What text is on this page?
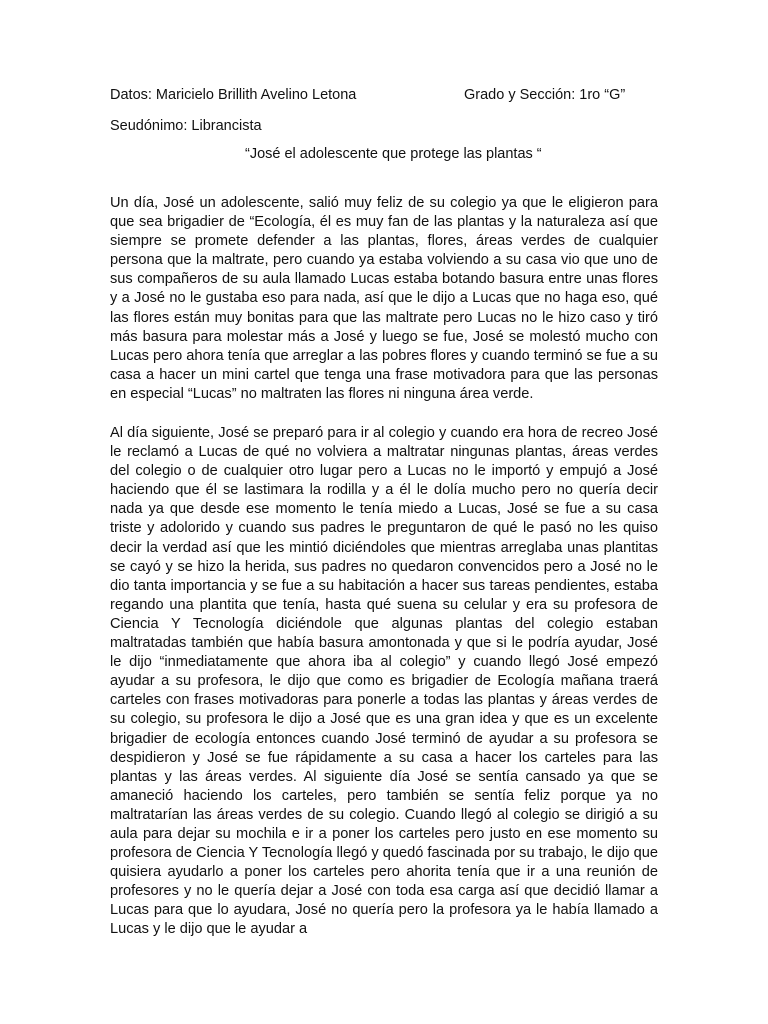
Datos: Maricielo Brillith Avelino Letona	Grado y Sección: 1ro “G”
Seudónimo: Librancista
“José el adolescente que protege las plantas “

Un día, José un adolescente, salió muy feliz de su colegio ya que le eligieron para que sea brigadier de “Ecología, él es muy fan de las plantas y la naturaleza así que siempre se promete defender a las plantas, flores, áreas verdes de cualquier persona que la maltrate, pero cuando ya estaba volviendo a su casa vio que uno de sus compañeros de su aula llamado Lucas estaba botando basura entre unas flores y a José no le gustaba eso para nada, así que le dijo a Lucas que no haga eso, qué las flores están muy bonitas para que las maltrate pero Lucas no le hizo caso y tiró más basura para molestar más a José y luego se fue, José se molestó mucho con Lucas pero ahora tenía que arreglar a las pobres flores y cuando terminó se fue a su casa a hacer un mini cartel que tenga una frase motivadora para que las personas en especial “Lucas” no maltraten las flores ni ninguna área verde.

Al día siguiente, José se preparó para ir al colegio y cuando era hora de recreo José le reclamó a Lucas de qué no volviera a maltratar ningunas plantas, áreas verdes del colegio o de cualquier otro lugar pero a Lucas no le importó y empujó a José haciendo que él se lastimara la rodilla y a él le dolía mucho pero no quería decir nada ya que desde ese momento le tenía miedo a Lucas, José se fue a su casa triste y adolorido y cuando sus padres le preguntaron de qué le pasó no les quiso decir la verdad así que les mintió diciéndoles que mientras arreglaba unas plantitas se cayó y se hizo la herida, sus padres no quedaron convencidos pero a José no le dio tanta importancia y se fue a su habitación a hacer sus tareas pendientes, estaba regando una plantita que tenía, hasta qué suena su celular y era su profesora de Ciencia Y Tecnología diciéndole que algunas plantas del colegio estaban maltratadas también que había basura amontonada y que si le podría ayudar, José le dijo “inmediatamente que ahora iba al colegio” y cuando llegó José empezó ayudar a su profesora, le dijo que como es brigadier de Ecología mañana traerá carteles con frases motivadoras para ponerle a todas las plantas y áreas verdes de su colegio, su profesora le dijo a José que es una gran idea y que es un excelente brigadier de ecología entonces cuando José terminó de ayudar a su profesora se despidieron y José se fue rápidamente a su casa a hacer los carteles para las plantas y las áreas verdes. Al siguiente día José se sentía cansado ya que se amaneció haciendo los carteles, pero también se sentía feliz porque ya no maltratarían las áreas verdes de su colegio. Cuando llegó al colegio se dirigió a su aula para dejar su mochila e ir a poner los carteles pero justo en ese momento su profesora de Ciencia Y Tecnología llegó y quedó fascinada por su trabajo, le dijo que quisiera ayudarlo a poner los carteles pero ahorita tenía que ir a una reunión de profesores y no le quería dejar a José con toda esa carga así que decidió llamar a Lucas para que lo ayudara, José no quería pero la profesora ya le había llamado a Lucas y le dijo que le ayudar a
